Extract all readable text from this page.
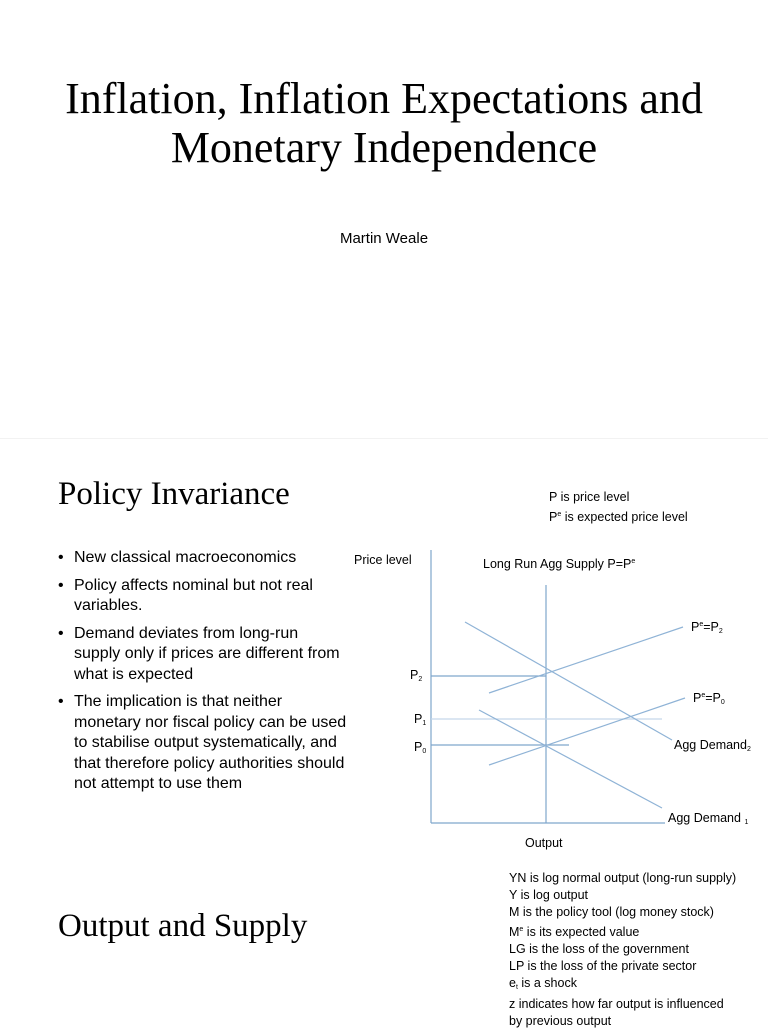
Inflation, Inflation Expectations and Monetary Independence
Martin Weale
Policy Invariance
• New classical macroeconomics
• Policy affects nominal but not real variables.
• Demand deviates from long-run supply only if prices are different from what is expected
• The implication is that neither monetary nor fiscal policy can be used to stabilise output systematically, and that therefore policy authorities should not attempt to use them
P is price level
$P^e$ is expected price level
Price level
Output
Long Run Agg Supply $P=P^e$
$P_2$
$P_1$
$P_0$
$P^e=P_2$
$P^e=P_0$
Agg Demand$_2$
Agg Demand $_1$
Output and Supply
YN is log normal output (long-run supply)
Y is log output
M is the policy tool (log money stock)
Me is its expected value
LG is the loss of the government
LP is the loss of the private sector
$e_t$ is a shock
z indicates how far output is influenced
by previous output
